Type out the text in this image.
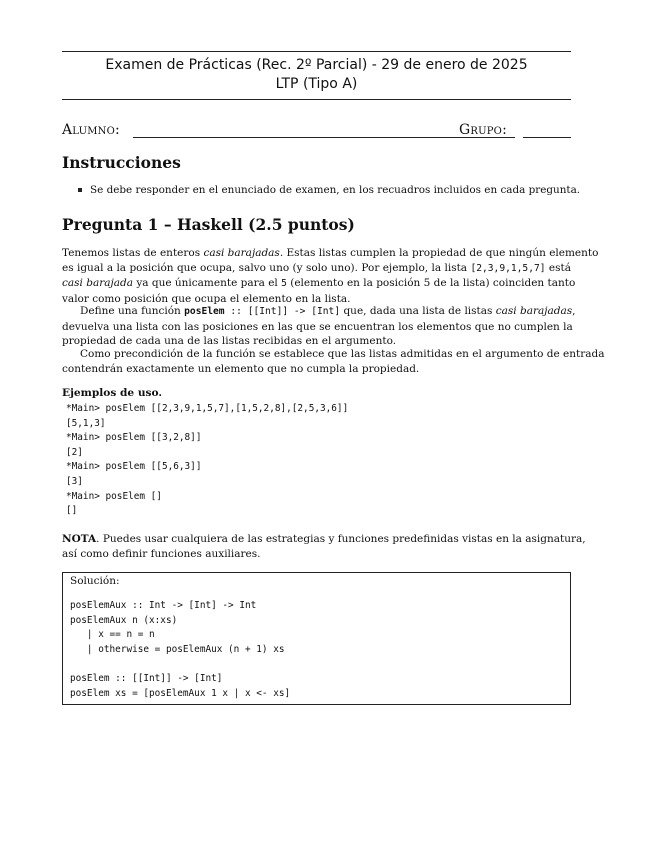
Examen de Prácticas (Rec. 2º Parcial) - 29 de enero de 2025
LTP (Tipo A)
Alumno:	Grupo:
Instrucciones
Se debe responder en el enunciado de examen, en los recuadros incluidos en cada pregunta.
Pregunta 1 – Haskell (2.5 puntos)
Tenemos listas de enteros casi barajadas. Estas listas cumplen la propiedad de que ningún elemento
es igual a la posición que ocupa, salvo uno (y solo uno). Por ejemplo, la lista [2,3,9,1,5,7] está
casi barajada ya que únicamente para el 5 (elemento en la posición 5 de la lista) coinciden tanto
valor como posición que ocupa el elemento en la lista.
Define una función posElem :: [[Int]] -> [Int] que, dada una lista de listas casi barajadas,
devuelva una lista con las posiciones en las que se encuentran los elementos que no cumplen la
propiedad de cada una de las listas recibidas en el argumento.
Como precondición de la función se establece que las listas admitidas en el argumento de entrada
contendrán exactamente un elemento que no cumpla la propiedad.
Ejemplos de uso.
*Main> posElem [[2,3,9,1,5,7],[1,5,2,8],[2,5,3,6]]
[5,1,3]
*Main> posElem [[3,2,8]]
[2]
*Main> posElem [[5,6,3]]
[3]
*Main> posElem []
[]
NOTA. Puedes usar cualquiera de las estrategias y funciones predefinidas vistas en la asignatura,
así como definir funciones auxiliares.
Solución:
posElemAux :: Int -> [Int] -> Int
posElemAux n (x:xs)
| x == n = n
| otherwise = posElemAux (n + 1) xs

posElem :: [[Int]] -> [Int]
posElem xs = [posElemAux 1 x | x <- xs]
